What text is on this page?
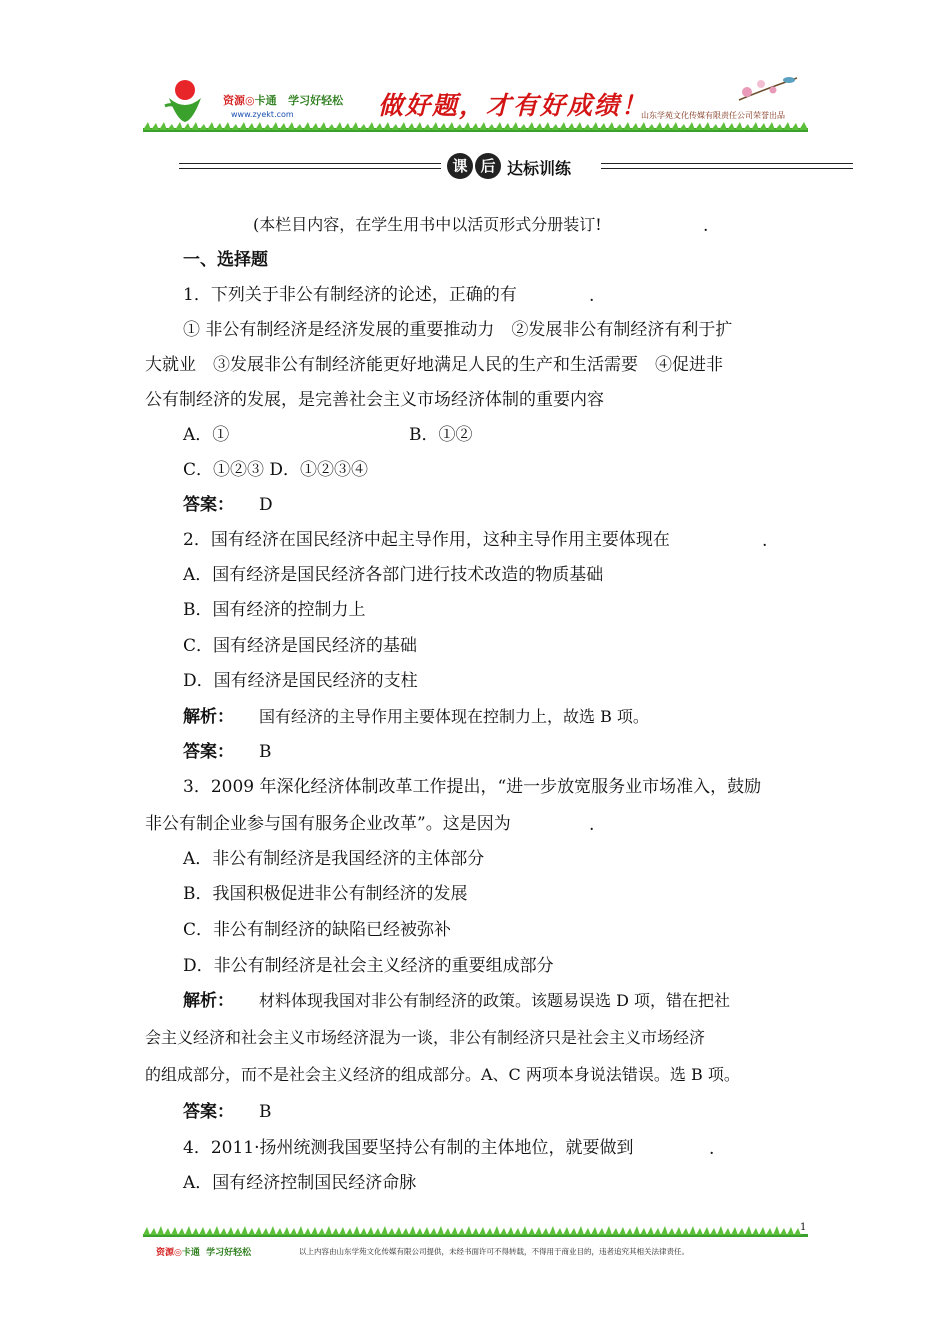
资源◎卡通 学习好轻松
www.zyekt.com	做好题，才有好成绩！
山东学苑文化传媒有限责任公司荣誉出品
课 后 达标训练
(本栏目内容，在学生用书中以活页形式分册装订!	.
一、选择题
1．下列关于非公有制经济的论述，正确的有	.
① 非公有制经济是经济发展的重要推动力　②发展非公有制经济有利于扩
大就业　③发展非公有制经济能更好地满足人民的生产和生活需要　④促进非
公有制经济的发展，是完善社会主义市场经济体制的重要内容
A．①	B．①②
C．①②③ D．①②③④
答案： D
2．国有经济在国民经济中起主导作用，这种主导作用主要体现在	.
A．国有经济是国民经济各部门进行技术改造的物质基础
B．国有经济的控制力上
C．国有经济是国民经济的基础
D．国有经济是国民经济的支柱
解析： 国有经济的主导作用主要体现在控制力上，故选 B 项。
答案： B
3．2009 年深化经济体制改革工作提出，“进一步放宽服务业市场准入，鼓励
非公有制企业参与国有服务企业改革”。这是因为	.
A．非公有制经济是我国经济的主体部分
B．我国积极促进非公有制经济的发展
C．非公有制经济的缺陷已经被弥补
D．非公有制经济是社会主义经济的重要组成部分
解析： 材料体现我国对非公有制经济的政策。该题易误选 D 项，错在把社
会主义经济和社会主义市场经济混为一谈，非公有制经济只是社会主义市场经济
的组成部分，而不是社会主义经济的组成部分。A、C 两项本身说法错误。选 B 项。
答案： B
4．2011·扬州统测我国要坚持公有制的主体地位，就要做到	.
A．国有经济控制国民经济命脉
1
资源◎卡通 学习好轻松	以上内容由山东学苑文化传媒有限公司提供，未经书面许可不得转载，不得用于商业目的，违者追究其相关法律责任。
